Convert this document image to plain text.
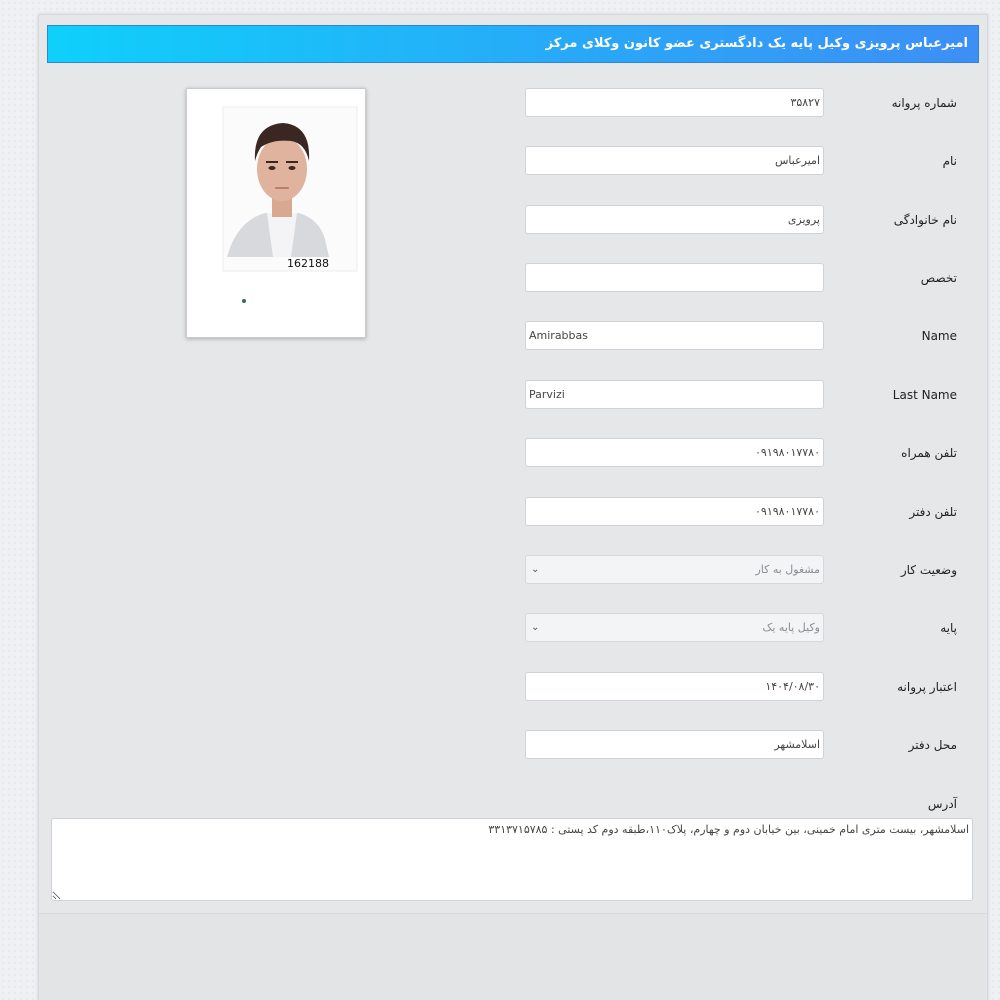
امیرعباس پرویزی وکیل پایه یک دادگستری عضو کانون وکلای مرکز
162188
شماره پروانه
۳۵۸۲۷
نام
امیرعباس
نام خانوادگی
پرویزی
تخصص
Name
Amirabbas
Last Name
Parvizi
تلفن همراه
۰۹۱۹۸۰۱۷۷۸۰
تلفن دفتر
۰۹۱۹۸۰۱۷۷۸۰
وضعیت کار
مشغول به کار
⌄
پایه
وکیل پایه یک
⌄
اعتبار پروانه
۱۴۰۴/۰۸/۳۰
محل دفتر
اسلامشهر
آدرس
اسلامشهر، بیست متری امام خمینی، بین خیابان دوم و چهارم، پلاک۱۱۰،طبقه دوم کد پستی : ۳۳۱۳۷۱۵۷۸۵
